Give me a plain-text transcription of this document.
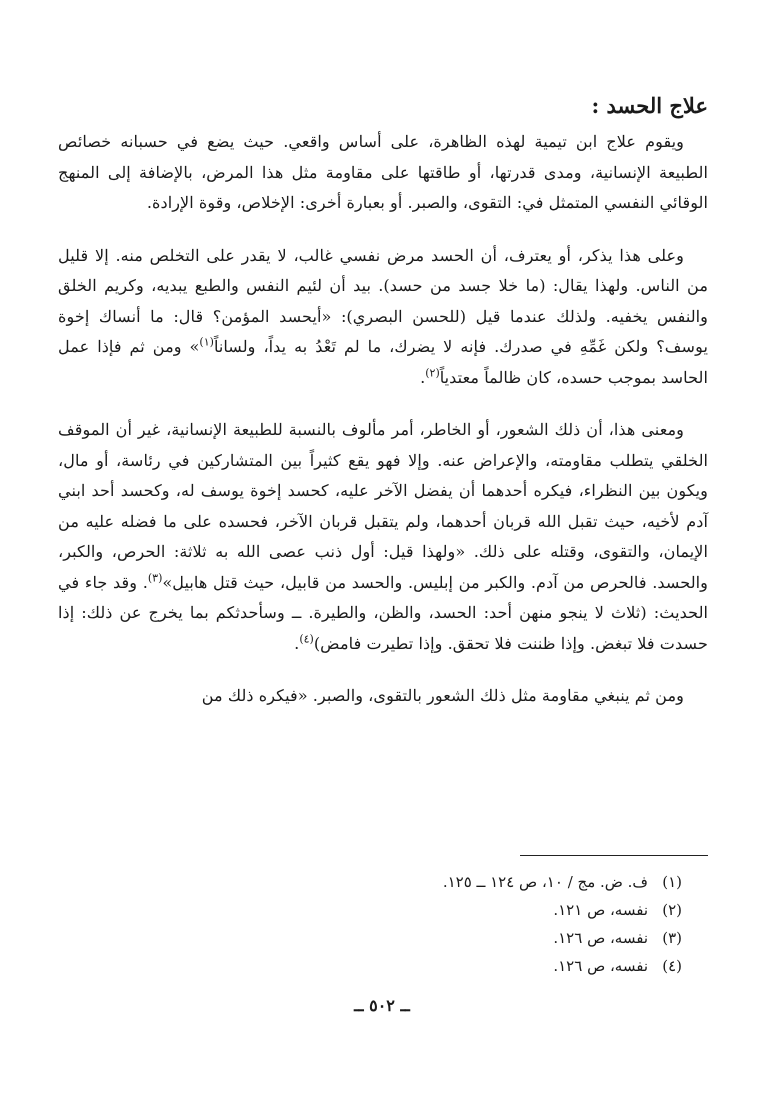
علاج الحسد :

ويقوم علاج ابن تيمية لهذه الظاهرة، على أساس واقعي. حيث يضع في حسبانه خصائص الطبيعة الإنسانية، ومدى قدرتها، أو طاقتها على مقاومة مثل هذا المرض، بالإضافة إلى المنهج الوقائي النفسي المتمثل في: التقوى، والصبر. أو بعبارة أخرى: الإخلاص، وقوة الإرادة.

وعلى هذا يذكر، أو يعترف، أن الحسد مرض نفسي غالب، لا يقدر على التخلص منه. إلا قليل من الناس. ولهذا يقال: (ما خلا جسد من حسد). بيد أن لئيم النفس والطبع يبديه، وكريم الخلق والنفس يخفيه. ولذلك عندما قيل (للحسن البصري): «أيحسد المؤمن؟ قال: ما أنساك إخوة يوسف؟ ولكن غَمِّهِ في صدرك. فإنه لا يضرك، ما لم تَعْدُ به يداً، ولساناً$^{(١)}$» ومن ثم فإذا عمل الحاسد بموجب حسده، كان ظالماً معتدياً$^{(٢)}$.

ومعنى هذا، أن ذلك الشعور، أو الخاطر، أمر مألوف بالنسبة للطبيعة الإنسانية، غير أن الموقف الخلقي يتطلب مقاومته، والإعراض عنه. وإلا فهو يقع كثيراً بين المتشاركين في رئاسة، أو مال، ويكون بين النظراء، فيكره أحدهما أن يفضل الآخر عليه، كحسد إخوة يوسف له، وكحسد أحد ابني آدم لأخيه، حيث تقبل الله قربان أحدهما، ولم يتقبل قربان الآخر، فحسده على ما فضله عليه من الإيمان، والتقوى، وقتله على ذلك. «ولهذا قيل: أول ذنب عصى الله به ثلاثة: الحرص، والكبر، والحسد. فالحرص من آدم. والكبر من إبليس. والحسد من قابيل، حيث قتل هابيل»$^{(٣)}$. وقد جاء في الحديث: (ثلاث لا ينجو منهن أحد: الحسد، والظن، والطيرة. ــ وسأحدثكم بما يخرج عن ذلك: إذا حسدت فلا تبغض. وإذا ظننت فلا تحقق. وإذا تطيرت فامض)$^{(٤)}$.

ومن ثم ينبغي مقاومة مثل ذلك الشعور بالتقوى، والصبر. «فيكره ذلك من

(١)ف. ض. مج / ١٠، ص ١٢٤ ــ ١٢٥.
(٢)نفسه، ص ١٢١.
(٣)نفسه، ص ١٢٦.
(٤)نفسه، ص ١٢٦.
ــ ٥٠٢ ــ
